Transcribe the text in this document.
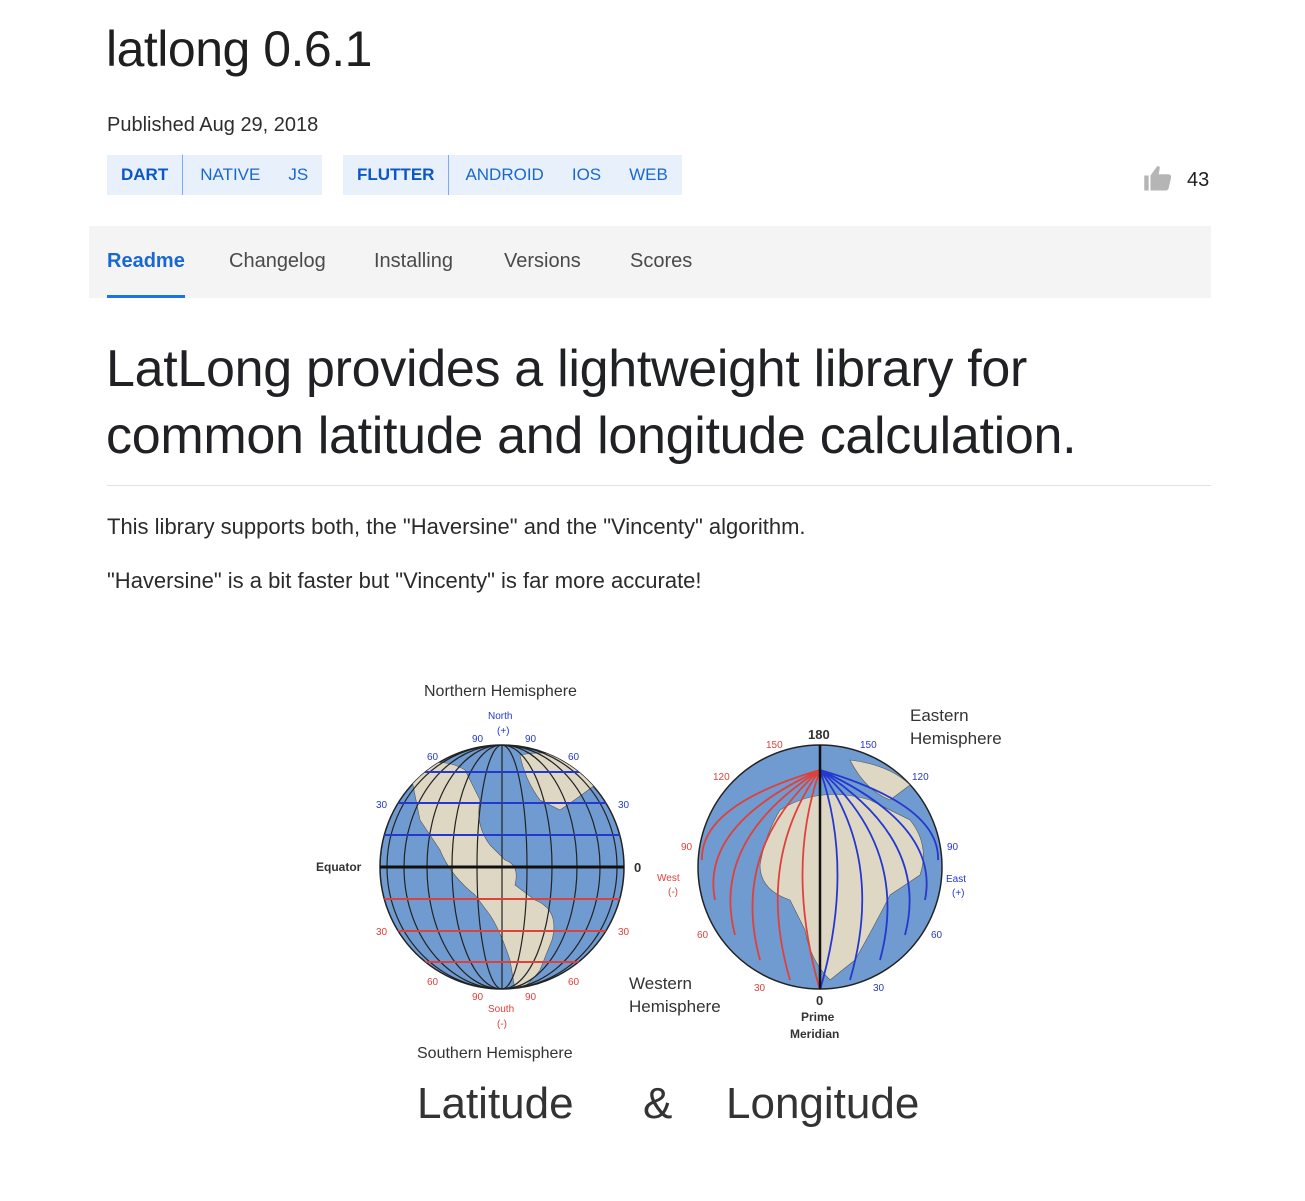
latlong 0.6.1
Published Aug 29, 2018
DART	NATIVE	JS	FLUTTER	ANDROID	IOS	WEB	43
Readme Changelog Installing	Versions Scores
LatLong provides a lightweight library for common latitude and longitude calculation.

This library supports both, the "Haversine" and the "Vincenty" algorithm.

"Haversine" is a bit faster but "Vincenty" is far more accurate!

Northern Hemisphere
North
(+)
90	90
60	60
30	30
Equator	0
30	30
60	60
90	90
South
(-)
Southern Hemisphere
Eastern
Hemisphere
180
150	150
120	120
90	90
West
(-)
East
(+)
60	60
30	30
Western
Hemisphere	0
Prime
Meridian
Latitude & Longitude
